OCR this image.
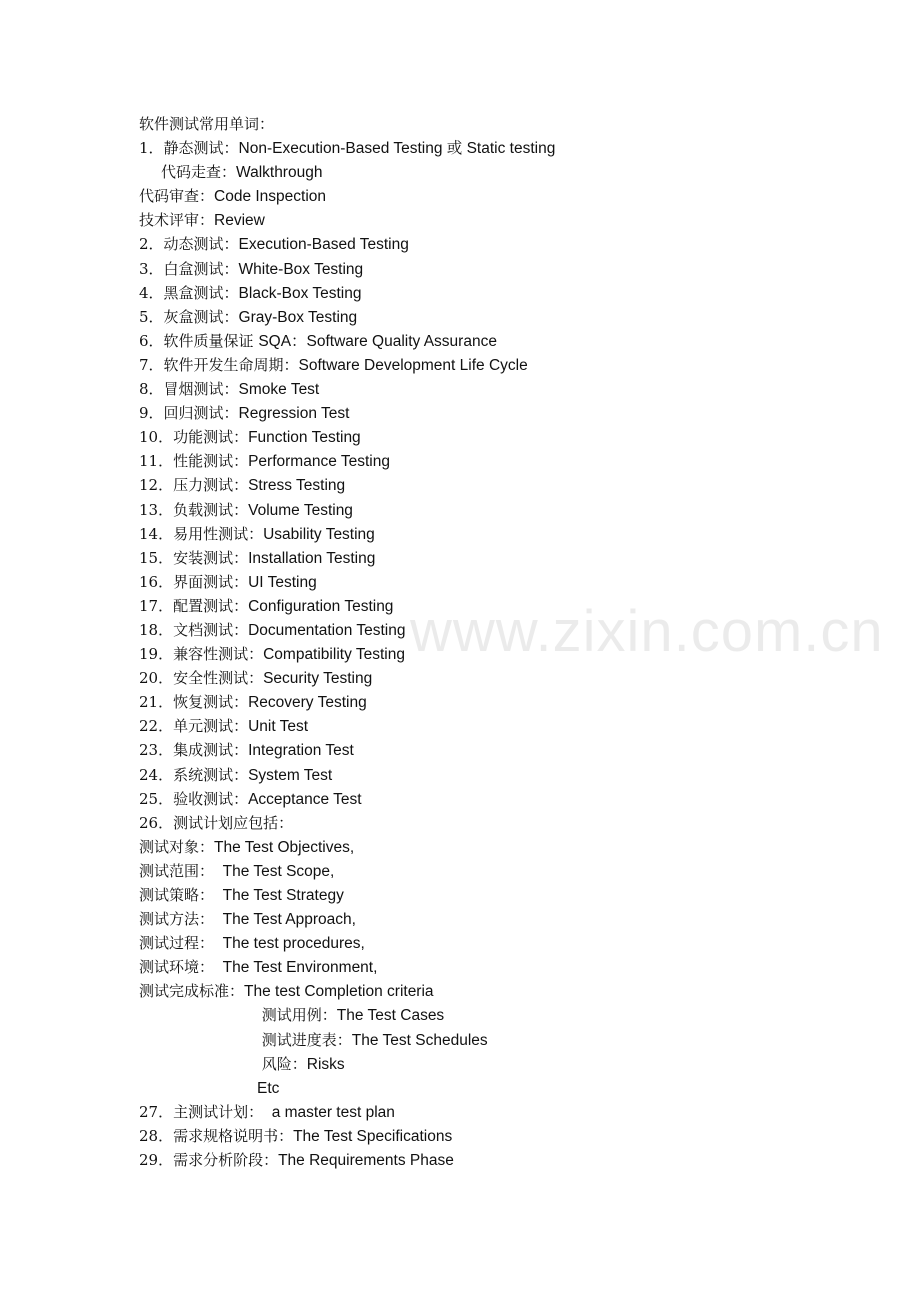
www.zixin.com.cn
软件测试常用单词：
1．静态测试：Non-Execution-Based Testing 或 Static testing
代码走查：Walkthrough
代码审查：Code Inspection
技术评审：Review
2．动态测试：Execution-Based Testing
3．白盒测试：White-Box Testing
4．黑盒测试：Black-Box Testing
5．灰盒测试：Gray-Box Testing
6．软件质量保证 SQA：Software Quality Assurance
7．软件开发生命周期：Software Development Life Cycle
8．冒烟测试：Smoke Test
9．回归测试：Regression Test
10．功能测试：Function Testing
11．性能测试：Performance Testing
12．压力测试：Stress Testing
13．负载测试：Volume Testing
14．易用性测试：Usability Testing
15．安装测试：Installation Testing
16．界面测试：UI Testing
17．配置测试：Configuration Testing
18．文档测试：Documentation Testing
19．兼容性测试：Compatibility Testing
20．安全性测试：Security Testing
21．恢复测试：Recovery Testing
22．单元测试：Unit Test
23．集成测试：Integration Test
24．系统测试：System Test
25．验收测试：Acceptance Test
26．测试计划应包括：
测试对象：The Test Objectives,
测试范围：  The Test Scope,
测试策略：  The Test Strategy
测试方法：  The Test Approach,
测试过程：  The test procedures,
测试环境：  The Test Environment,
测试完成标准：The test Completion criteria
测试用例：The Test Cases
测试进度表：The Test Schedules
风险：Risks
Etc
27．主测试计划：  a master test plan
28．需求规格说明书：The Test Specifications
29．需求分析阶段：The Requirements Phase
